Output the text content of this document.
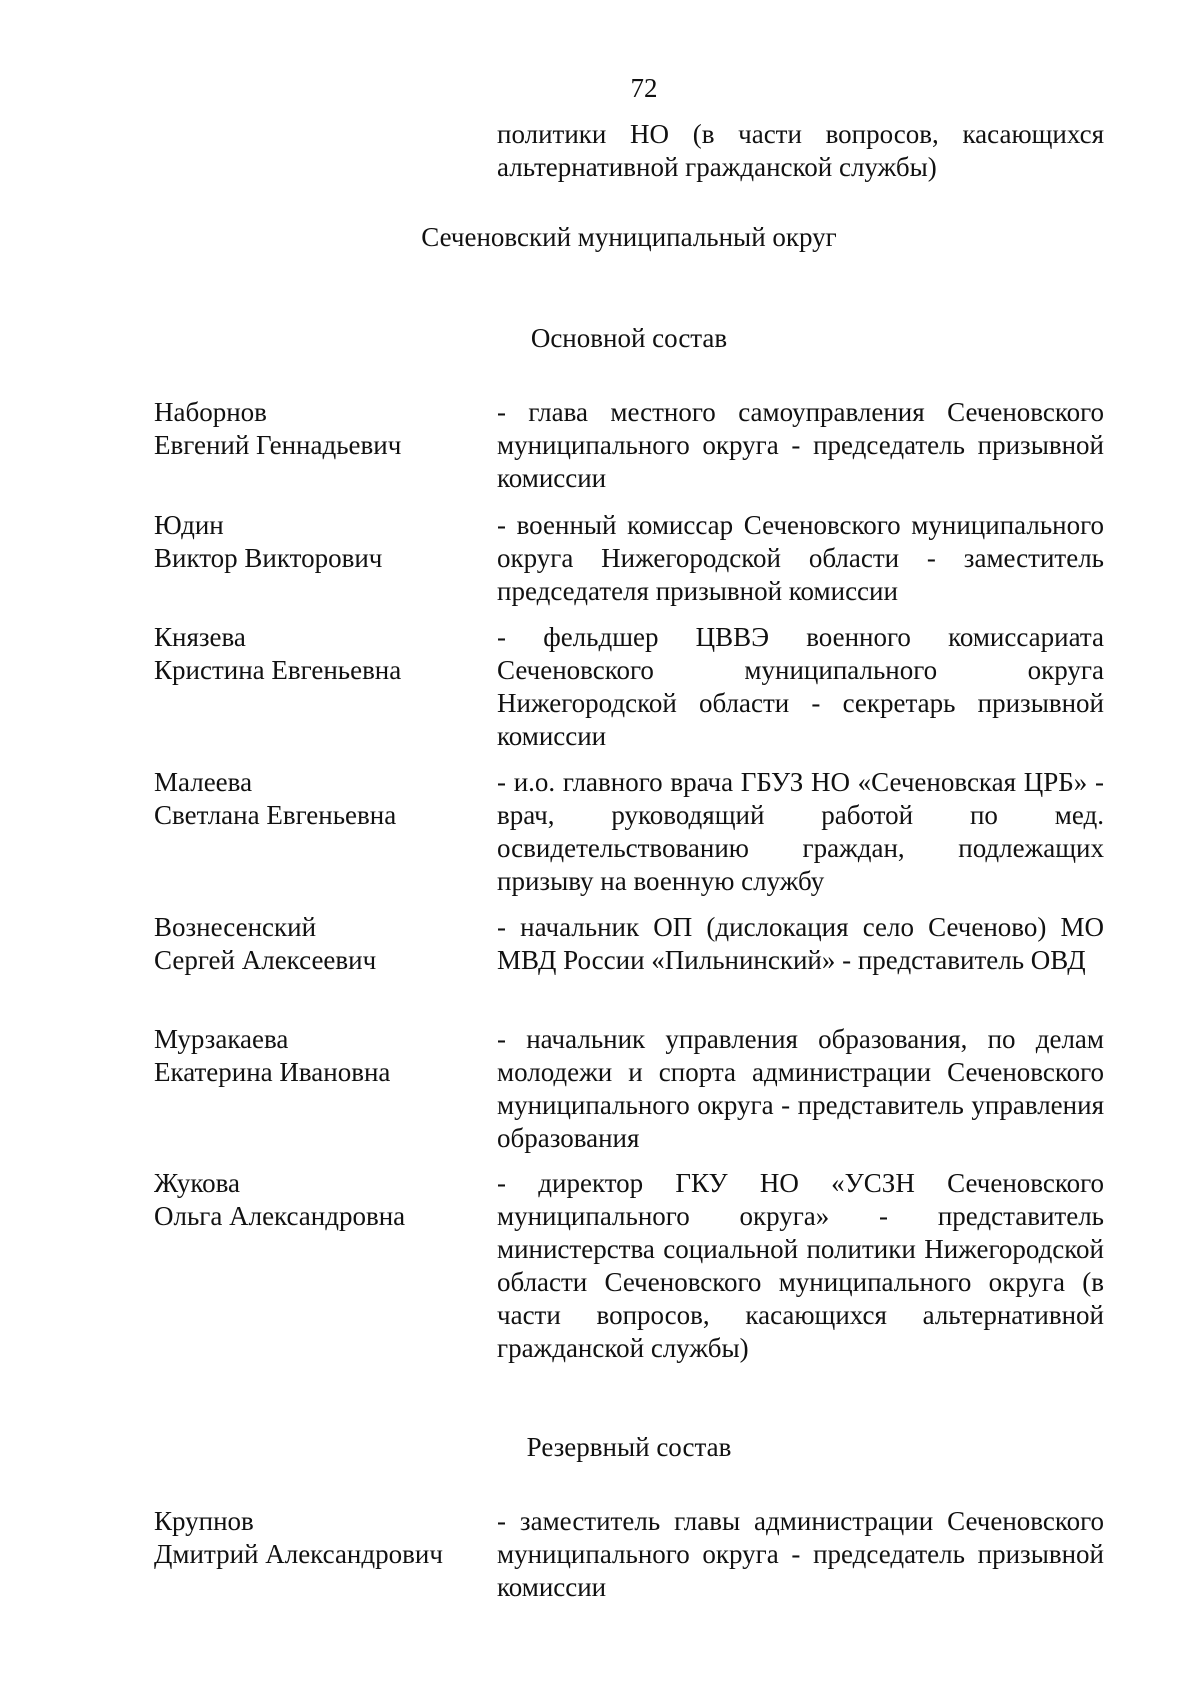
72
политики НО (в части вопросов, касающихся альтернативной гражданской службы)
Сеченовский муниципальный округ
Основной состав
Наборнов
Евгений Геннадьевич
- глава местного самоуправления Сеченовского муниципального округа - председатель призывной комиссии
Юдин
Виктор Викторович
- военный комиссар Сеченовского муниципального округа Нижегородской области - заместитель председателя призывной комиссии
Князева
Кристина Евгеньевна
- фельдшер ЦВВЭ военного комиссариата Сеченовского муниципального округа Нижегородской области - секретарь призывной комиссии
Малеева
Светлана Евгеньевна
- и.о. главного врача ГБУЗ НО «Сеченовская ЦРБ» - врач, руководящий работой по мед. освидетельствованию граждан, подлежащих призыву на военную службу
Вознесенский
Сергей Алексеевич
- начальник ОП (дислокация село Сеченово) МО МВД России «Пильнинский» - представитель ОВД
Мурзакаева
Екатерина Ивановна
- начальник управления образования, по делам молодежи и спорта администрации Сеченовского муниципального округа - представитель управления образования
Жукова
Ольга Александровна
- директор ГКУ НО «УСЗН Сеченовского муниципального округа» - представитель министерства социальной политики Нижегородской области Сеченовского муниципального округа (в части вопросов, касающихся альтернативной гражданской службы)
Резервный состав
Крупнов
Дмитрий Александрович
- заместитель главы администрации Сеченовского муниципального округа - председатель призывной комиссии
